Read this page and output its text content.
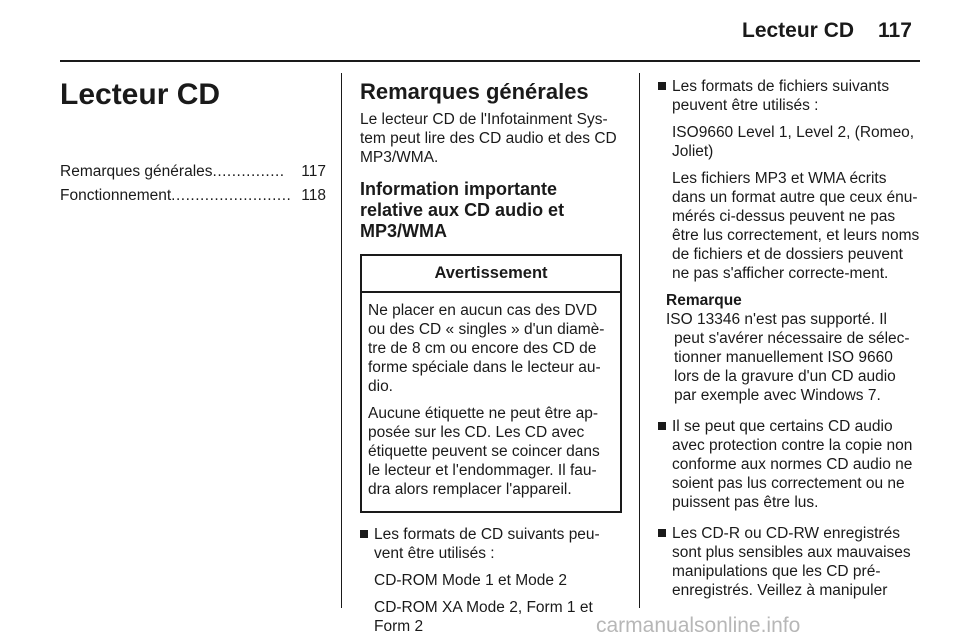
Lecteur CD 117
Lecteur CD
Remarques générales ...............	117
Fonctionnement ......................... 118
Remarques générales

Le lecteur CD de l'Infotainment Sys-tem peut lire des CD audio et des CD MP3/WMA.

Information importante relative aux CD audio et MP3/WMA
Avertissement

Ne placer en aucun cas des DVD ou des CD « singles » d'un diamè-tre de 8 cm ou encore des CD de forme spéciale dans le lecteur au-dio.

Aucune étiquette ne peut être ap-posée sur les CD. Les CD avec étiquette peuvent se coincer dans le lecteur et l'endommager. Il fau-dra alors remplacer l'appareil.

Les formats de CD suivants peu-vent être utilisés :

CD-ROM Mode 1 et Mode 2

CD-ROM XA Mode 2, Form 1 et Form 2

Les formats de fichiers suivants peuvent être utilisés :

ISO9660 Level 1, Level 2, (Romeo, Joliet)

Les fichiers MP3 et WMA écrits dans un format autre que ceux énu-mérés ci-dessus peuvent ne pas être lus correctement, et leurs noms de fichiers et de dossiers peuvent ne pas s'afficher correcte-ment.

Remarque
ISO 13346 n'est pas supporté. Il peut s'avérer nécessaire de sélec-tionner manuellement ISO 9660 lors de la gravure d'un CD audio par exemple avec Windows 7.

Il se peut que certains CD audio avec protection contre la copie non conforme aux normes CD audio ne soient pas lus correctement ou ne puissent pas être lus.

Les CD-R ou CD-RW enregistrés sont plus sensibles aux mauvaises manipulations que les CD pré-enregistrés. Veillez à manipuler

carmanualsonline.info
